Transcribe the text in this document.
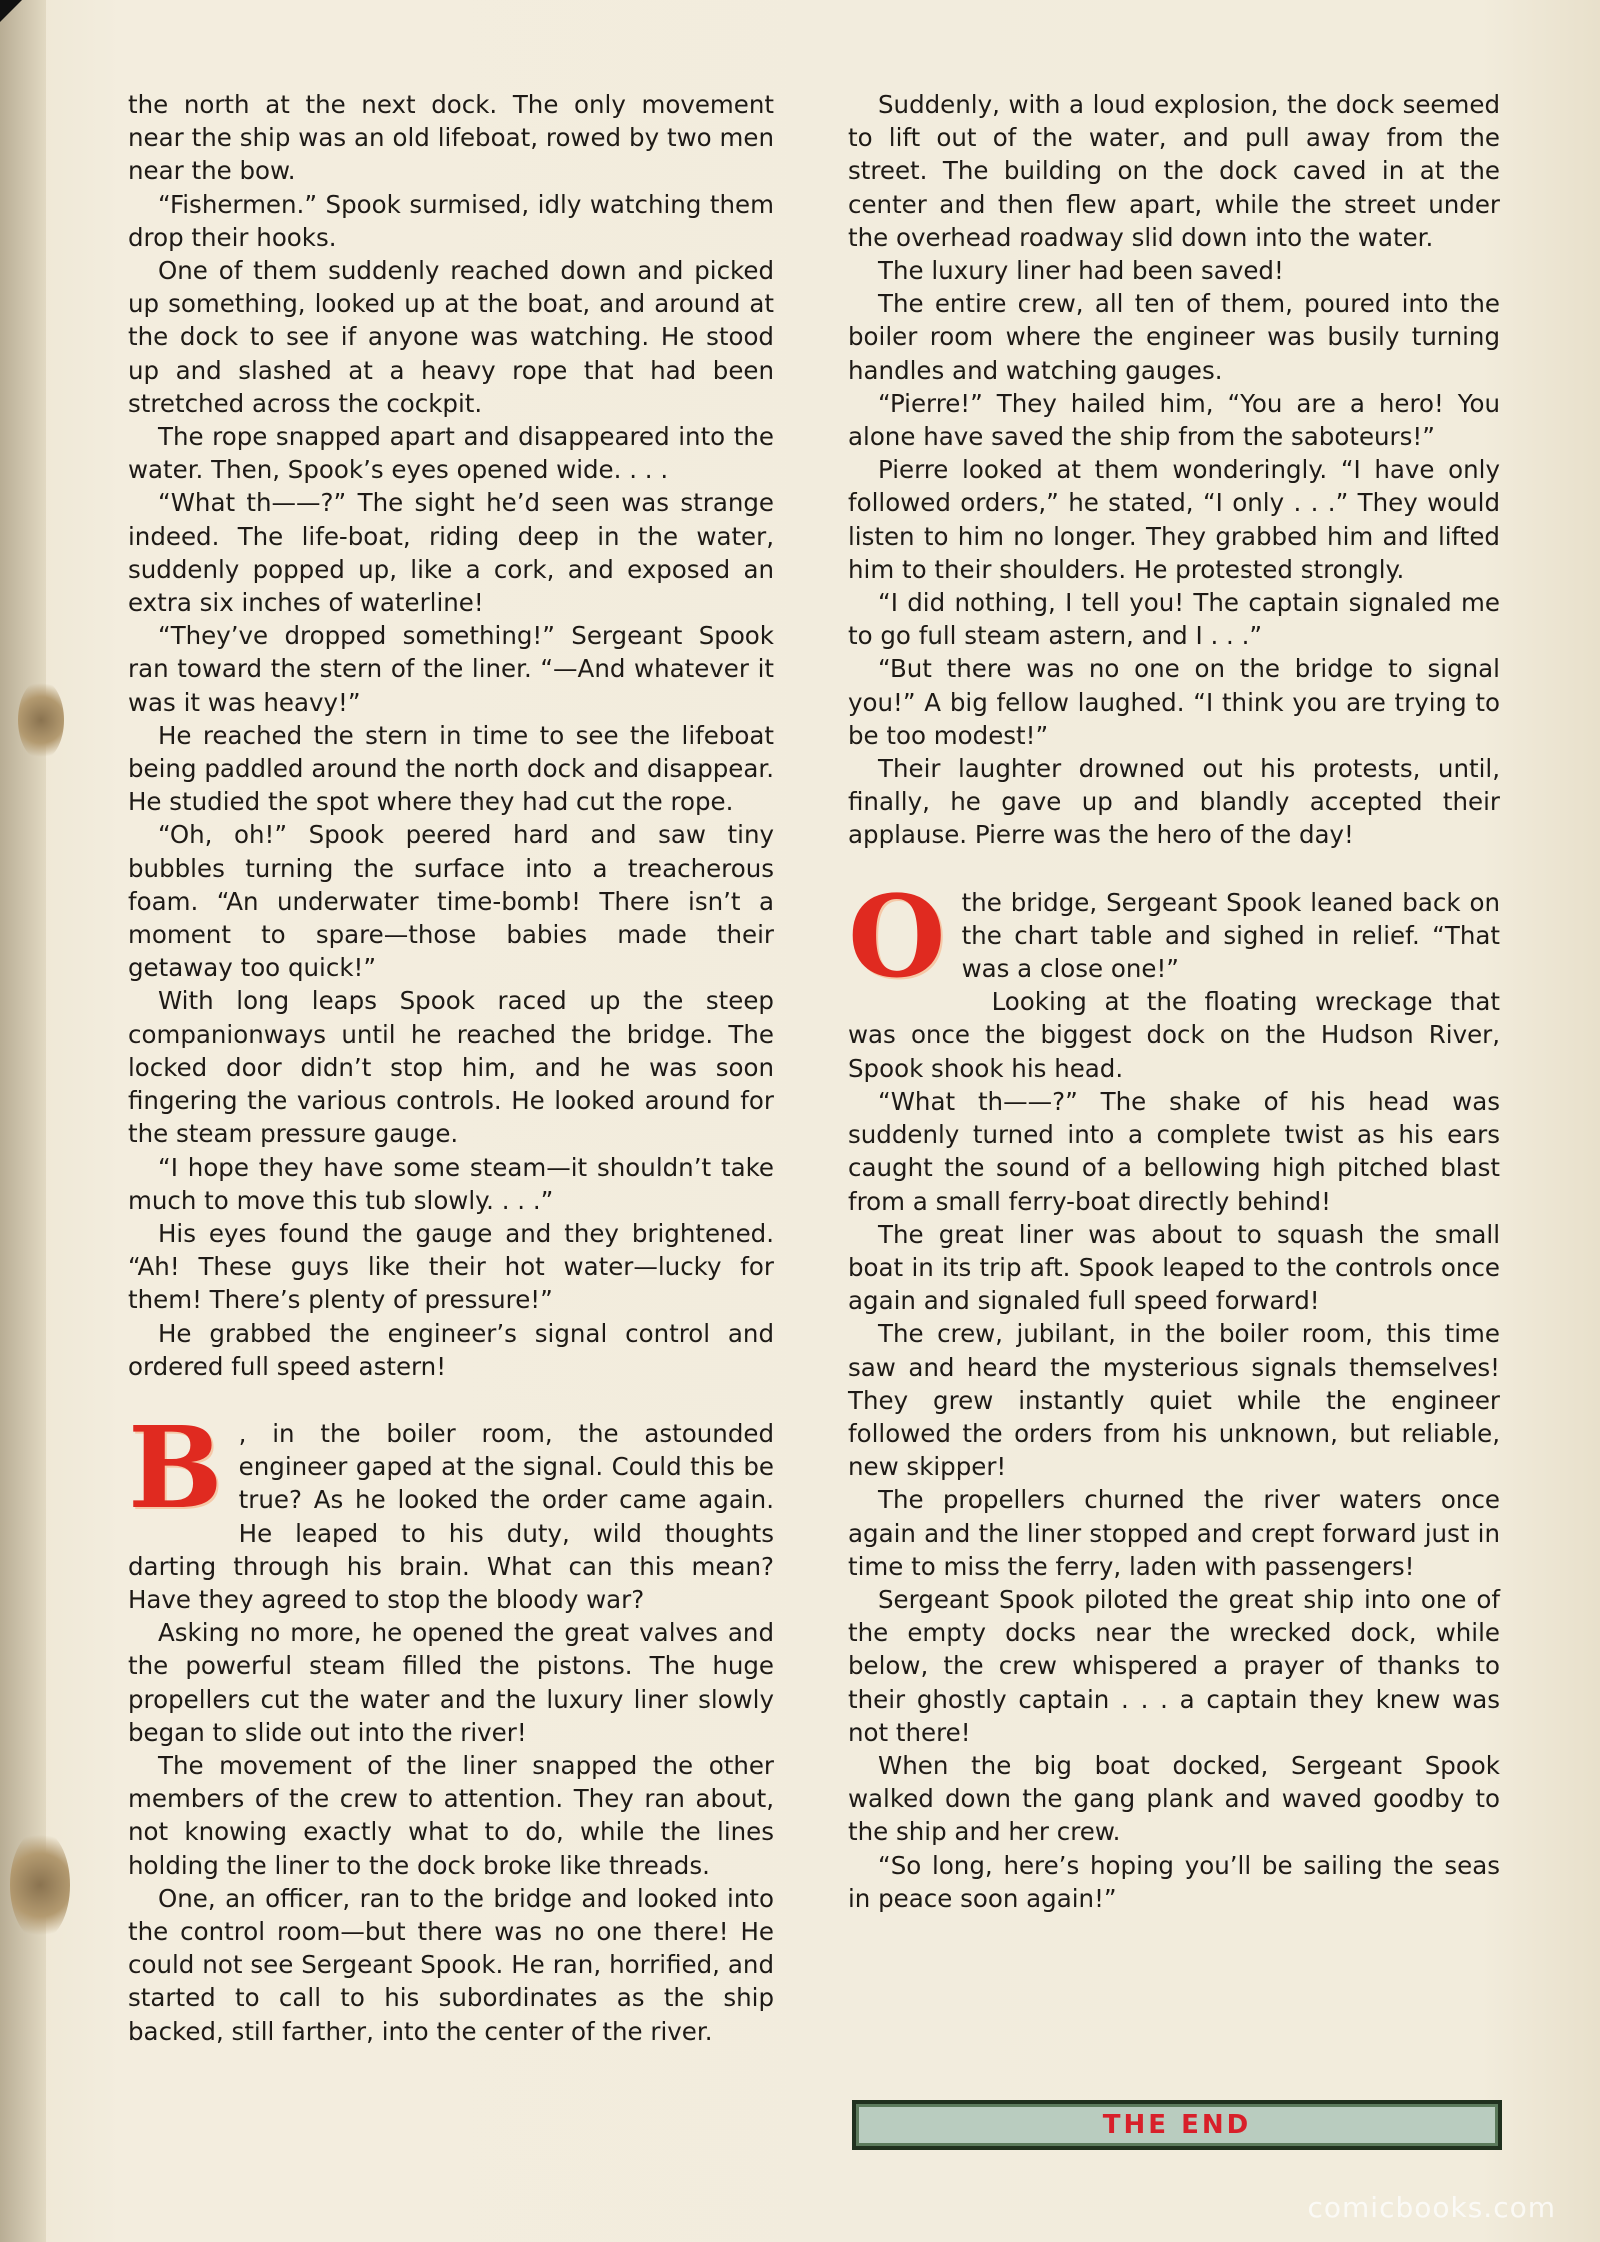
the north at the next dock. The only movement near the ship was an old lifeboat, rowed by two men near the bow.

“Fishermen.” Spook surmised, idly watching them drop their hooks.

One of them suddenly reached down and picked up something, looked up at the boat, and around at the dock to see if anyone was watching. He stood up and slashed at a heavy rope that had been stretched across the cockpit.

The rope snapped apart and disappeared into the water. Then, Spook’s eyes opened wide. . . .

“What th——?” The sight he’d seen was strange indeed. The life-boat, riding deep in the water, suddenly popped up, like a cork, and exposed an extra six inches of waterline!

“They’ve dropped something!” Sergeant Spook ran toward the stern of the liner. “—And whatever it was it was heavy!”

He reached the stern in time to see the lifeboat being paddled around the north dock and disappear. He studied the spot where they had cut the rope.

“Oh, oh!” Spook peered hard and saw tiny bubbles turning the surface into a treacherous foam. “An underwater time-bomb! There isn’t a moment to spare—those babies made their getaway too quick!”

With long leaps Spook raced up the steep companionways until he reached the bridge. The locked door didn’t stop him, and he was soon fingering the various controls. He looked around for the steam pressure gauge.

“I hope they have some steam—it shouldn’t take much to move this tub slowly. . . .”

His eyes found the gauge and they brightened. “Ah! These guys like their hot water—lucky for them! There’s plenty of pressure!”

He grabbed the engineer’s signal control and ordered full speed astern!

B , in the boiler room, the astounded engineer gaped at the signal. Could this be true? As he looked the order came again. He leaped to his duty, wild thoughts darting through his brain. What can this mean? Have they agreed to stop the bloody war?

Asking no more, he opened the great valves and the powerful steam filled the pistons. The huge propellers cut the water and the luxury liner slowly began to slide out into the river!

The movement of the liner snapped the other members of the crew to attention. They ran about, not knowing exactly what to do, while the lines holding the liner to the dock broke like threads.

One, an officer, ran to the bridge and looked into the control room—but there was no one there! He could not see Sergeant Spook. He ran, horrified, and started to call to his subordinates as the ship backed, still farther, into the center of the river.

Suddenly, with a loud explosion, the dock seemed to lift out of the water, and pull away from the street. The building on the dock caved in at the center and then flew apart, while the street under the overhead roadway slid down into the water.

The luxury liner had been saved!

The entire crew, all ten of them, poured into the boiler room where the engineer was busily turning handles and watching gauges.

“Pierre!” They hailed him, “You are a hero! You alone have saved the ship from the saboteurs!”

Pierre looked at them wonderingly. “I have only followed orders,” he stated, “I only . . .” They would listen to him no longer. They grabbed him and lifted him to their shoulders. He protested strongly.

“I did nothing, I tell you! The captain signaled me to go full steam astern, and I . . .”

“But there was no one on the bridge to signal you!” A big fellow laughed. “I think you are trying to be too modest!”

Their laughter drowned out his protests, until, finally, he gave up and blandly accepted their applause. Pierre was the hero of the day!

O the bridge, Sergeant Spook leaned back on the chart table and sighed in relief. “That was a close one!”

Looking at the floating wreckage that was once the biggest dock on the Hudson River, Spook shook his head.

“What th——?” The shake of his head was suddenly turned into a complete twist as his ears caught the sound of a bellowing high pitched blast from a small ferry-boat directly behind!

The great liner was about to squash the small boat in its trip aft. Spook leaped to the controls once again and signaled full speed forward!

The crew, jubilant, in the boiler room, this time saw and heard the mysterious signals themselves! They grew instantly quiet while the engineer followed the orders from his unknown, but reliable, new skipper!

The propellers churned the river waters once again and the liner stopped and crept forward just in time to miss the ferry, laden with passengers!

Sergeant Spook piloted the great ship into one of the empty docks near the wrecked dock, while below, the crew whispered a prayer of thanks to their ghostly captain . . . a captain they knew was not there!

When the big boat docked, Sergeant Spook walked down the gang plank and waved goodby to the ship and her crew.

“So long, here’s hoping you’ll be sailing the seas in peace soon again!”

THE END
comicbooks.com
